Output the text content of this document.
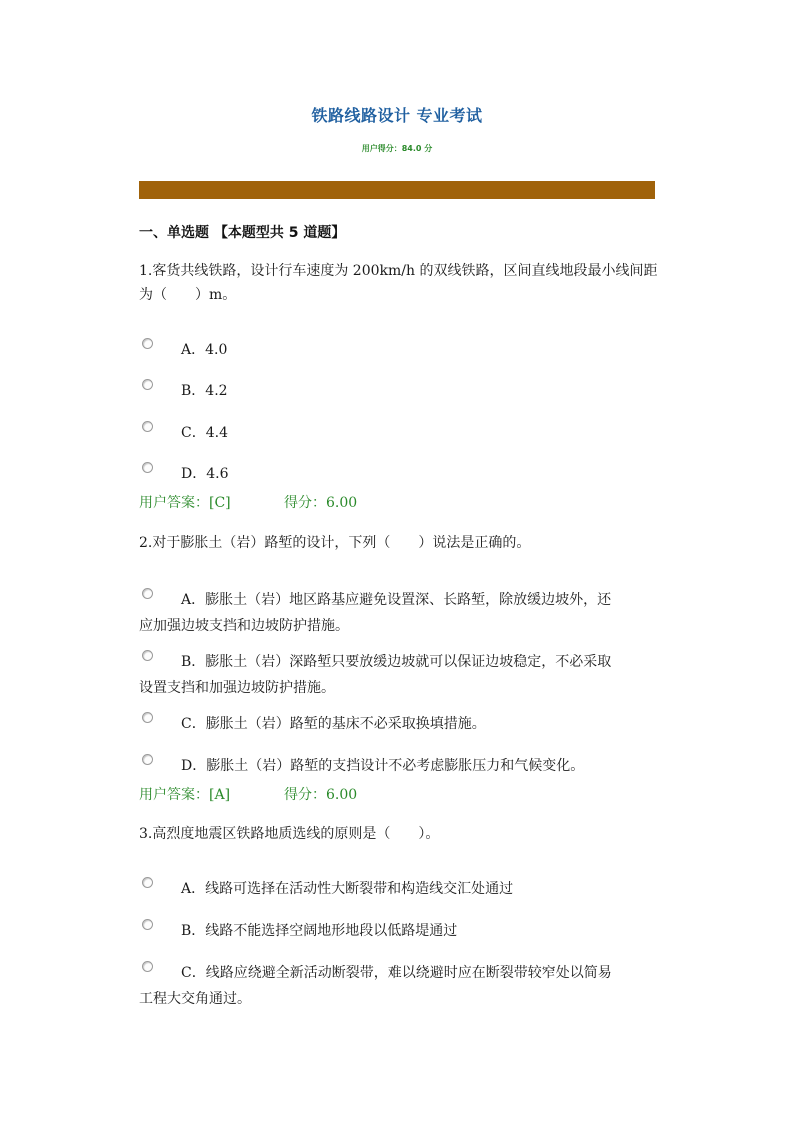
铁路线路设计 专业考试
用户得分：84.0 分
一、单选题 【本题型共 5 道题】
1.客货共线铁路，设计行车速度为 200km/h 的双线铁路，区间直线地段最小线间距为（　　）m。
A．4.0
B．4.2
C．4.4
D．4.6
用户答案：[C]	得分：6.00
2.对于膨胀土（岩）路堑的设计，下列（　　）说法是正确的。
A．膨胀土（岩）地区路基应避免设置深、长路堑，除放缓边坡外，还应加强边坡支挡和边坡防护措施。
B．膨胀土（岩）深路堑只要放缓边坡就可以保证边坡稳定，不必采取设置支挡和加强边坡防护措施。
C．膨胀土（岩）路堑的基床不必采取换填措施。
D．膨胀土（岩）路堑的支挡设计不必考虑膨胀压力和气候变化。
用户答案：[A]	得分：6.00
3.高烈度地震区铁路地质选线的原则是（　　）。
A．线路可选择在活动性大断裂带和构造线交汇处通过
B．线路不能选择空阔地形地段以低路堤通过
C．线路应绕避全新活动断裂带，难以绕避时应在断裂带较窄处以简易工程大交角通过。
